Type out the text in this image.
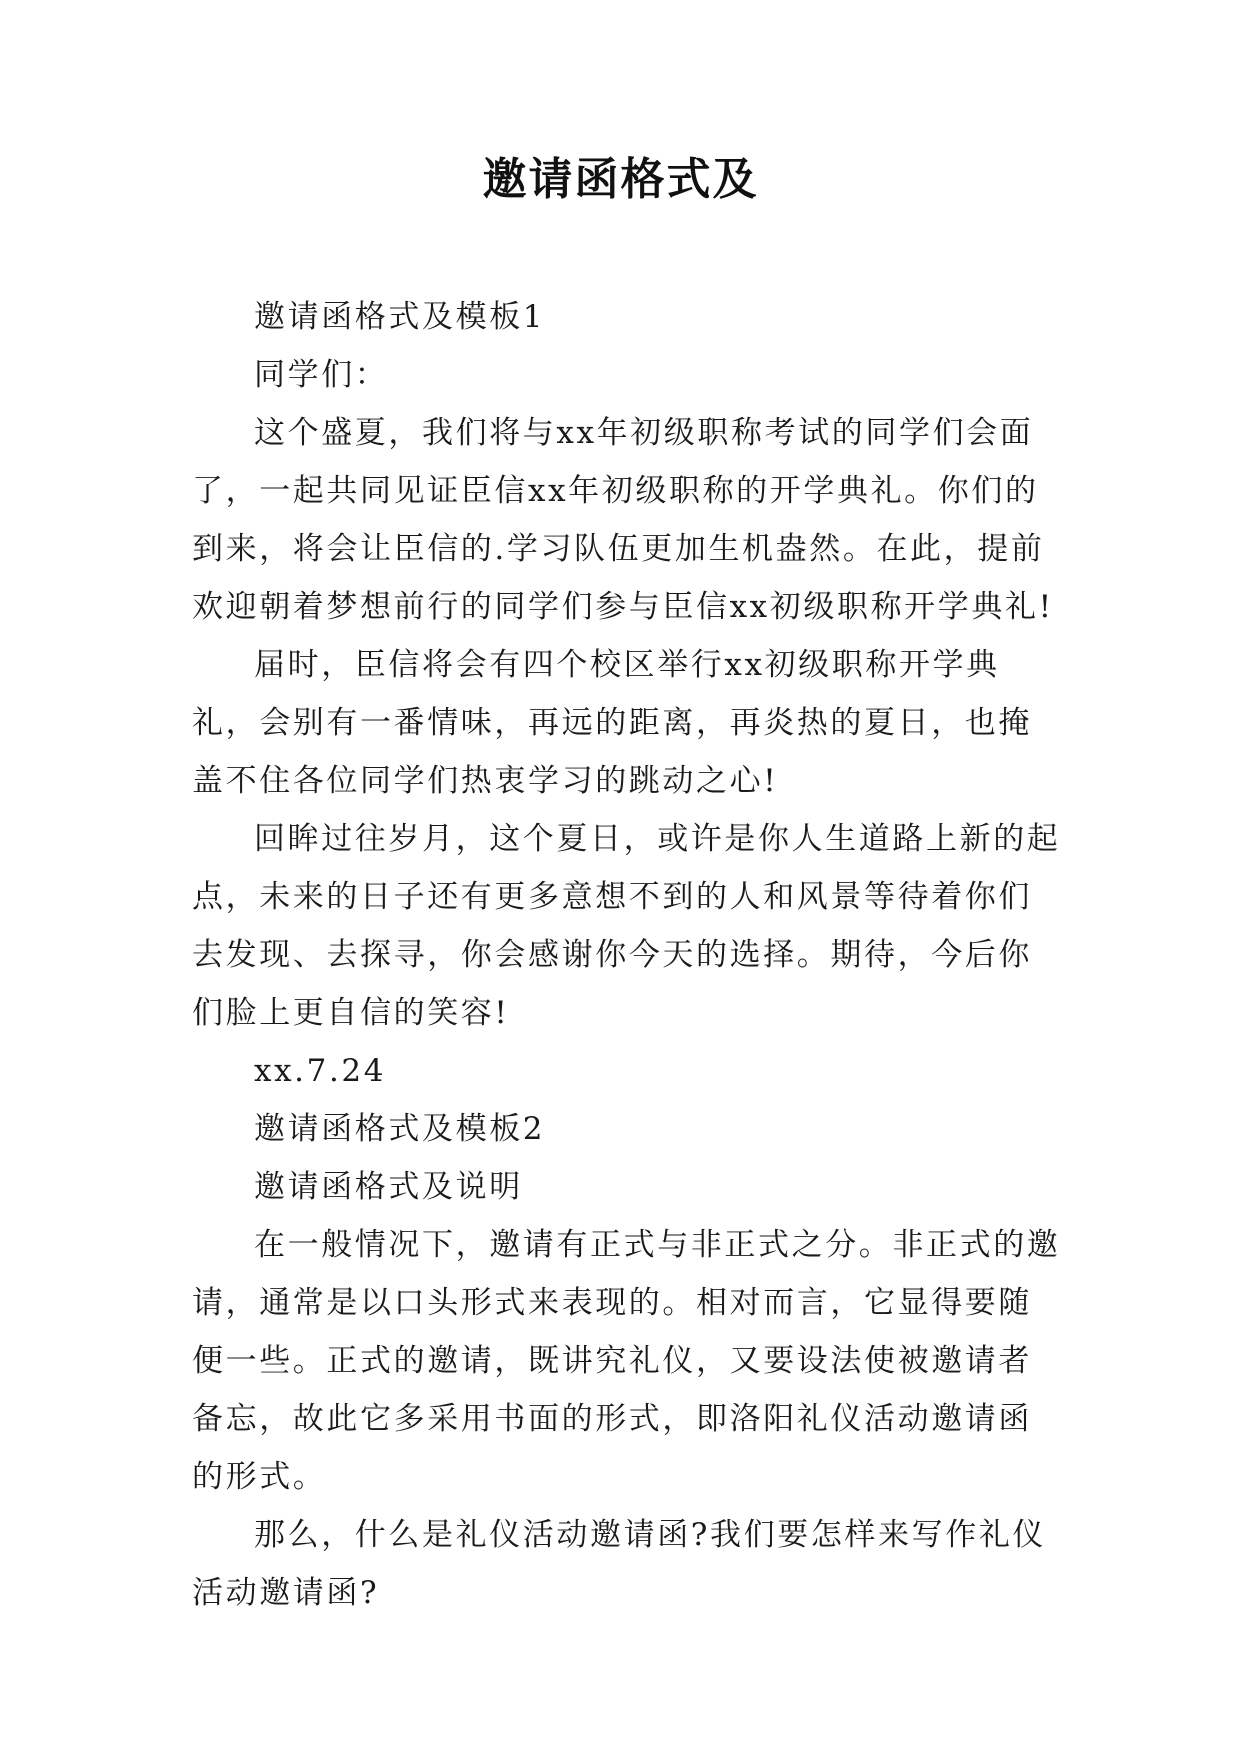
邀请函格式及

邀请函格式及模板1

同学们：

这个盛夏，我们将与xx年初级职称考试的同学们会面了，一起共同见证臣信xx年初级职称的开学典礼。你们的到来，将会让臣信的.学习队伍更加生机盎然。在此，提前欢迎朝着梦想前行的同学们参与臣信xx初级职称开学典礼!

届时，臣信将会有四个校区举行xx初级职称开学典礼，会别有一番情味，再远的距离，再炎热的夏日，也掩盖不住各位同学们热衷学习的跳动之心!

回眸过往岁月，这个夏日，或许是你人生道路上新的起点，未来的日子还有更多意想不到的人和风景等待着你们去发现、去探寻，你会感谢你今天的选择。期待，今后你们脸上更自信的笑容!

xx.7.24

邀请函格式及模板2

邀请函格式及说明

在一般情况下，邀请有正式与非正式之分。非正式的邀请，通常是以口头形式来表现的。相对而言，它显得要随便一些。正式的邀请，既讲究礼仪，又要设法使被邀请者备忘，故此它多采用书面的形式，即洛阳礼仪活动邀请函的形式。

那么，什么是礼仪活动邀请函?我们要怎样来写作礼仪活动邀请函?
